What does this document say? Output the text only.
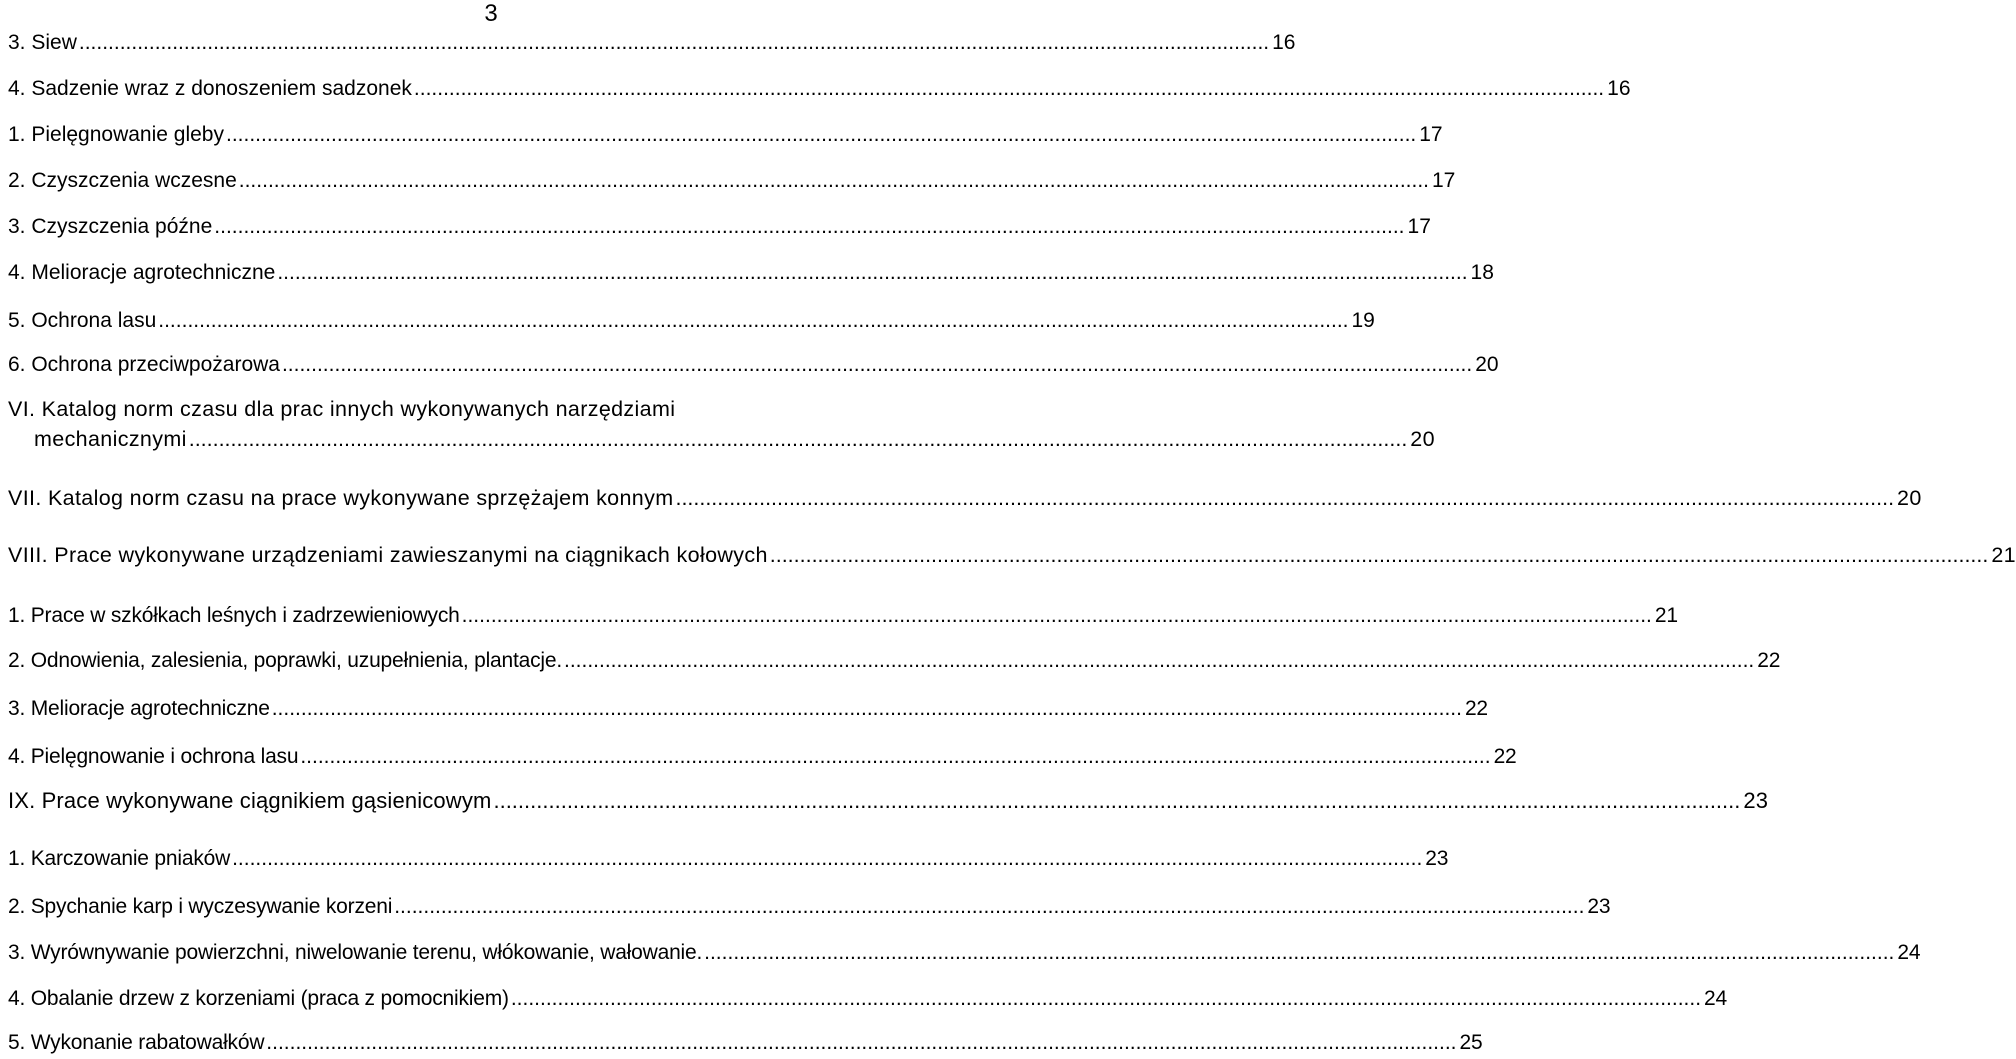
3
3. Siew ............................................................................................................................................................................................................ 16
4. Sadzenie wraz z donoszeniem sadzonek ............................................................................................................................................................................................................ 16
1. Pielęgnowanie gleby ............................................................................................................................................................................................................ 17
2. Czyszczenia wczesne ............................................................................................................................................................................................................ 17
3. Czyszczenia późne ............................................................................................................................................................................................................ 17
4. Melioracje agrotechniczne ............................................................................................................................................................................................................ 18
5. Ochrona lasu ............................................................................................................................................................................................................ 19
6. Ochrona przeciwpożarowa ............................................................................................................................................................................................................ 20
VI. Katalog norm czasu dla prac innych wykonywanych narzędziami
mechanicznymi ............................................................................................................................................................................................................ 20
VII. Katalog norm czasu na prace wykonywane sprzężajem konnym ............................................................................................................................................................................................................ 20
VIII. Prace wykonywane urządzeniami zawieszanymi na ciągnikach kołowych ............................................................................................................................................................................................................ 21
1. Prace w szkółkach leśnych i zadrzewieniowych ............................................................................................................................................................................................................ 21
2. Odnowienia, zalesienia, poprawki, uzupełnienia, plantacje. ............................................................................................................................................................................................................ 22
3. Melioracje agrotechniczne ............................................................................................................................................................................................................ 22
4. Pielęgnowanie i ochrona lasu ............................................................................................................................................................................................................ 22
IX. Prace wykonywane ciągnikiem gąsienicowym ............................................................................................................................................................................................................ 23
1. Karczowanie pniaków ............................................................................................................................................................................................................ 23
2. Spychanie karp i wyczesywanie korzeni ............................................................................................................................................................................................................ 23
3. Wyrównywanie powierzchni, niwelowanie terenu, włókowanie, wałowanie. ............................................................................................................................................................................................................ 24
4. Obalanie drzew z korzeniami (praca z pomocnikiem) ............................................................................................................................................................................................................ 24
5. Wykonanie rabatowałków ............................................................................................................................................................................................................ 25
